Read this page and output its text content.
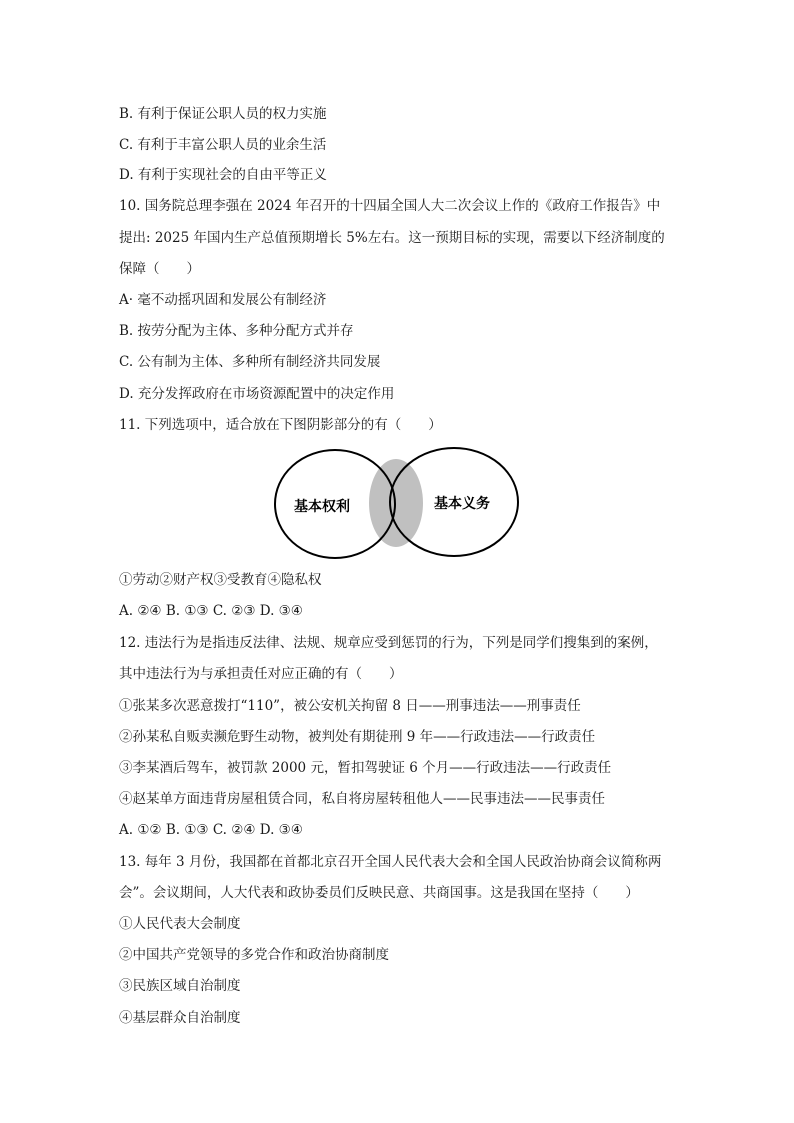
B. 有利于保证公职人员的权力实施
C. 有利于丰富公职人员的业余生活
D. 有利于实现社会的自由平等正义
10. 国务院总理李强在 2024 年召开的十四届全国人大二次会议上作的《政府工作报告》中
提出: 2025 年国内生产总值预期增长 5%左右。这一预期目标的实现，需要以下经济制度的
保障（　　）
A· 毫不动摇巩固和发展公有制经济
B. 按劳分配为主体、多种分配方式并存
C. 公有制为主体、多种所有制经济共同发展
D. 充分发挥政府在市场资源配置中的决定作用
11. 下列选项中，适合放在下图阴影部分的有（　　）
基本权利	基本义务
①劳动②财产权③受教育④隐私权
A. ②④ B. ①③ C. ②③ D. ③④
12. 违法行为是指违反法律、法规、规章应受到惩罚的行为，下列是同学们搜集到的案例，
其中违法行为与承担责任对应正确的有（　　）
①张某多次恶意拨打“110”，被公安机关拘留 8 日——刑事违法——刑事责任
②孙某私自贩卖濒危野生动物，被判处有期徒刑 9 年——行政违法——行政责任
③李某酒后驾车，被罚款 2000 元，暂扣驾驶证 6 个月——行政违法——行政责任
④赵某单方面违背房屋租赁合同，私自将房屋转租他人——民事违法——民事责任
A. ①② B. ①③ C. ②④ D. ③④
13. 每年 3 月份，我国都在首都北京召开全国人民代表大会和全国人民政治协商会议简称两
会”。会议期间，人大代表和政协委员们反映民意、共商国事。这是我国在坚持（　　）
①人民代表大会制度
②中国共产党领导的多党合作和政治协商制度
③民族区域自治制度
④基层群众自治制度
